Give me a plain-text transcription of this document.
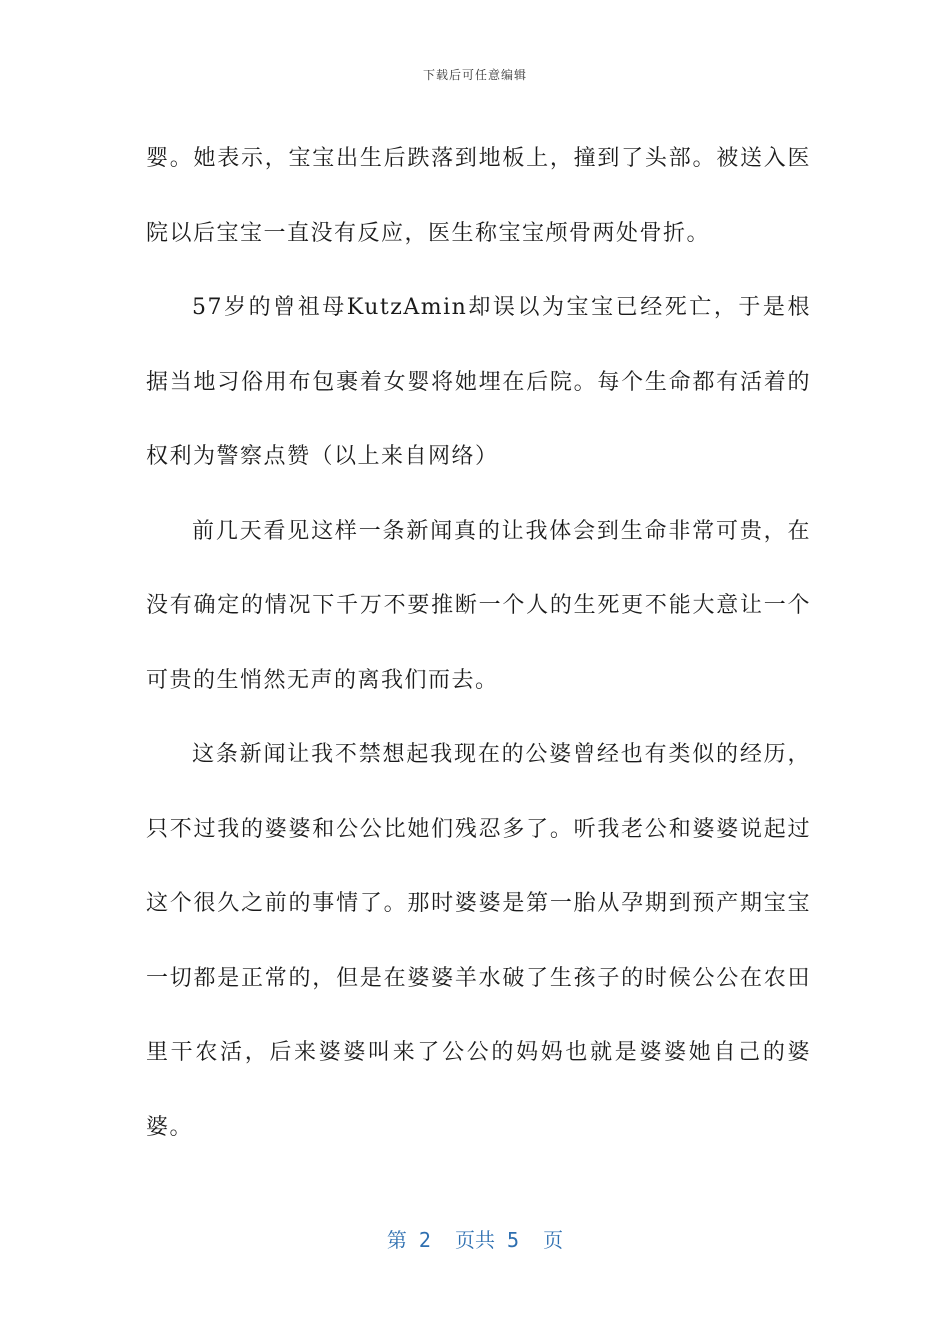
下载后可任意编辑

婴。她表示，宝宝出生后跌落到地板上，撞到了头部。被送入医院以后宝宝一直没有反应，医生称宝宝颅骨两处骨折。

57岁的曾祖母KutzAmin却误以为宝宝已经死亡，于是根据当地习俗用布包裹着女婴将她埋在后院。每个生命都有活着的权利为警察点赞（以上来自网络）

前几天看见这样一条新闻真的让我体会到生命非常可贵，在没有确定的情况下千万不要推断一个人的生死更不能大意让一个可贵的生悄然无声的离我们而去。

这条新闻让我不禁想起我现在的公婆曾经也有类似的经历，只不过我的婆婆和公公比她们残忍多了。听我老公和婆婆说起过这个很久之前的事情了。那时婆婆是第一胎从孕期到预产期宝宝一切都是正常的，但是在婆婆羊水破了生孩子的时候公公在农田里干农活，后来婆婆叫来了公公的妈妈也就是婆婆她自己的婆婆。

第 2  页共 5  页
